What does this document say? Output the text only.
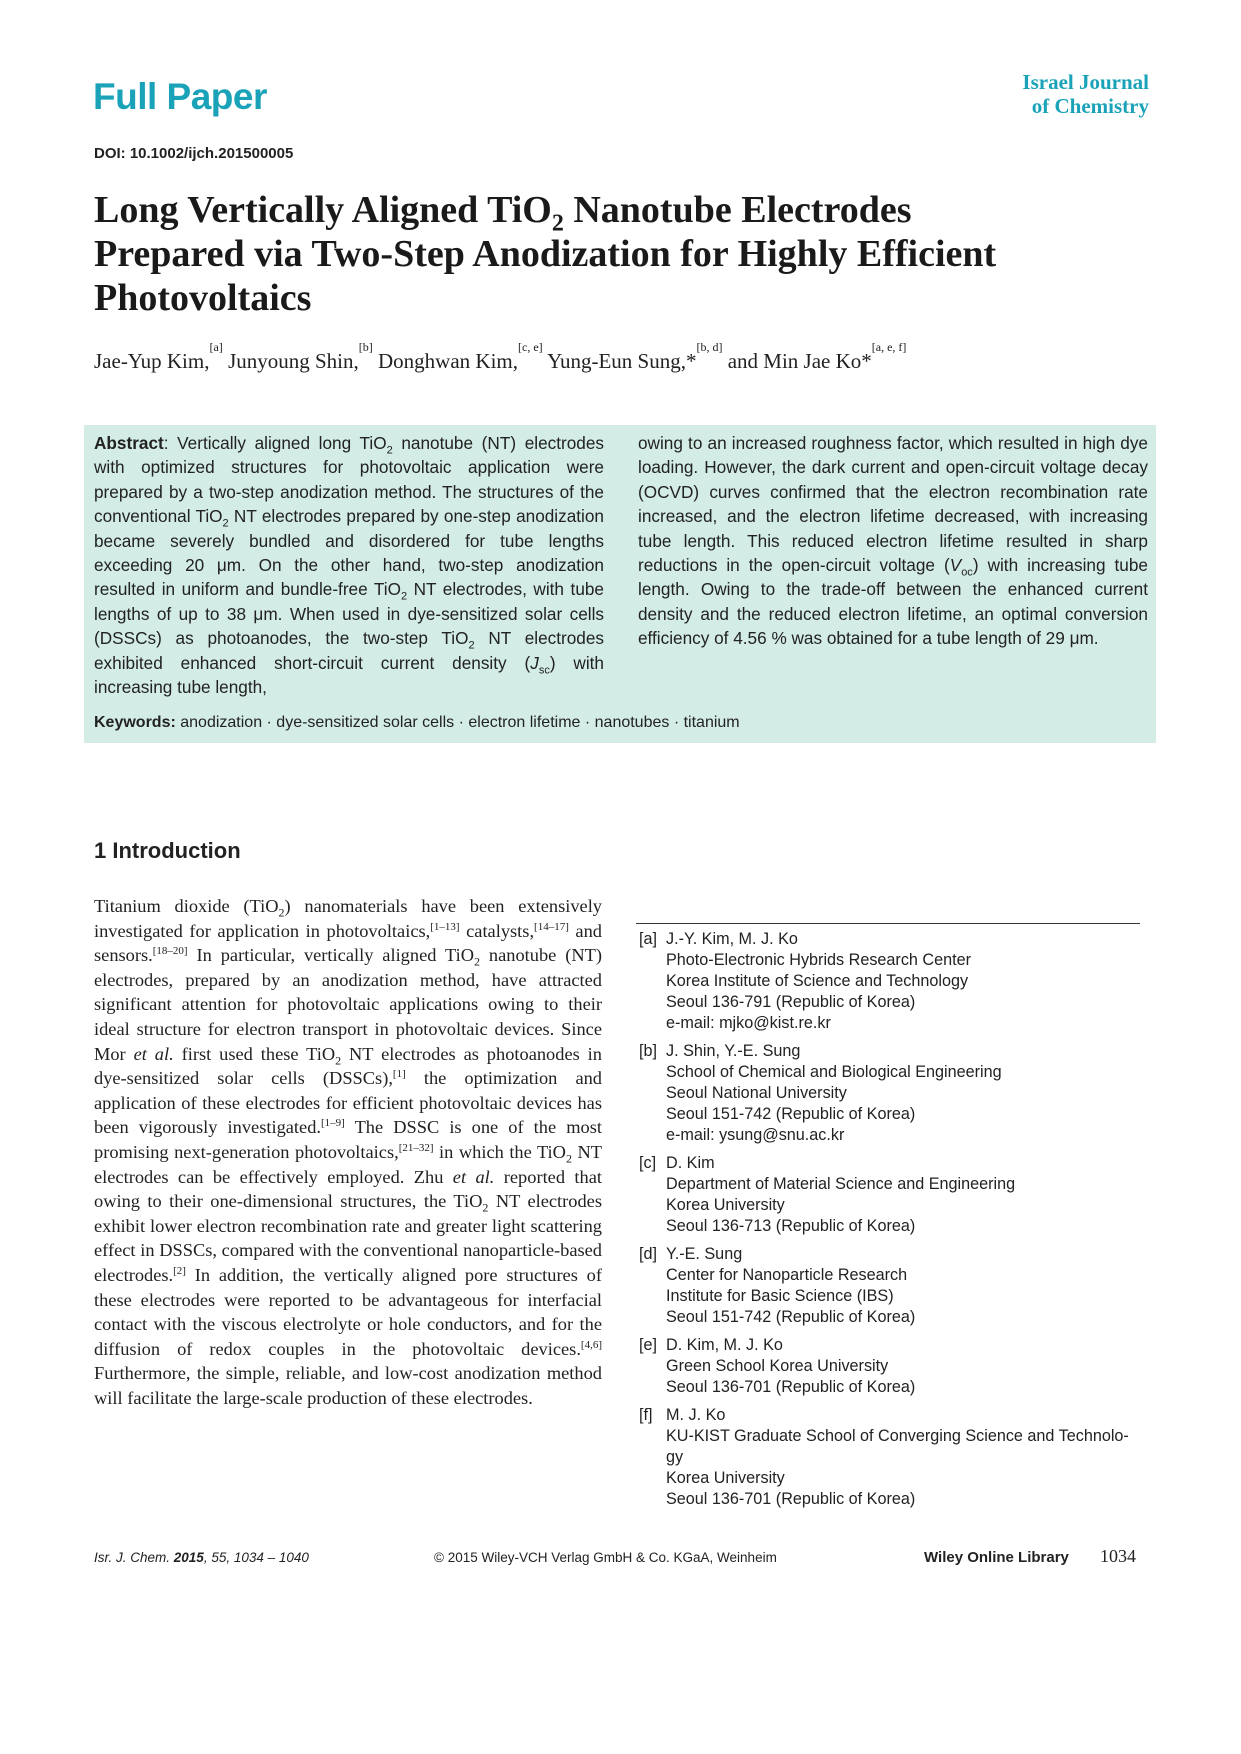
Full Paper	Israel Journal
of Chemistry
DOI: 10.1002/ijch.201500005
Long Vertically Aligned TiO$_2$ Nanotube Electrodes
Prepared via Two-Step Anodization for Highly Efficient
Photovoltaics
Jae-Yup Kim,[a] Junyoung Shin,[b] Donghwan Kim,[c, e] Yung-Eun Sung,*[b, d] and Min Jae Ko*[a, e, f]
Abstract: Vertically aligned long TiO$_2$ nanotube (NT) electrodes with optimized structures for photovoltaic application were prepared by a two-step anodization method. The structures of the conventional TiO$_2$ NT electrodes prepared by one-step anodization became severely bundled and disordered for tube lengths exceeding 20 μm. On the other hand, two-step anodization resulted in uniform and bundle-free TiO$_2$ NT electrodes, with tube lengths of up to 38 μm. When used in dye-sensitized solar cells (DSSCs) as photoanodes, the two-step TiO$_2$ NT electrodes exhibited enhanced short-circuit current density $(J_{sc})$ with increasing tube length,
owing to an increased roughness factor, which resulted in high dye loading. However, the dark current and open-circuit voltage decay (OCVD) curves confirmed that the electron recombination rate increased, and the electron lifetime decreased, with increasing tube length. This reduced electron lifetime resulted in sharp reductions in the open-circuit voltage $(V_{oc})$ with increasing tube length. Owing to the trade-off between the enhanced current density and the reduced electron lifetime, an optimal conversion efficiency of 4.56 % was obtained for a tube length of 29 μm.
Keywords: anodization · dye-sensitized solar cells · electron lifetime · nanotubes · titanium
1 Introduction
Titanium dioxide (TiO$_2$) nanomaterials have been extensively investigated for application in photovoltaics,[1–13] catalysts,[14–17] and sensors.[18–20] In particular, vertically aligned TiO$_2$ nanotube (NT) electrodes, prepared by an anodization method, have attracted significant attention for photovoltaic applications owing to their ideal structure for electron transport in photovoltaic devices. Since Mor et al. first used these TiO$_2$ NT electrodes as photoanodes in dye-sensitized solar cells (DSSCs),[1] the optimization and application of these electrodes for efficient photovoltaic devices has been vigorously investigated.[1–9] The DSSC is one of the most promising next-generation photovoltaics,[21–32] in which the TiO$_2$ NT electrodes can be effectively employed. Zhu et al. reported that owing to their one-dimensional structures, the TiO$_2$ NT electrodes exhibit lower electron recombination rate and greater light scattering effect in DSSCs, compared with the conventional nanoparticle-based electrodes.[2] In addition, the vertically aligned pore structures of these electrodes were reported to be advantageous for interfacial contact with the viscous electrolyte or hole conductors, and for the diffusion of redox couples in the photovoltaic devices.[4,6] Furthermore, the simple, reliable, and low-cost anodization method will facilitate the large-scale production of these electrodes.
[a] J.-Y. Kim, M. J. Ko
Photo-Electronic Hybrids Research Center
Korea Institute of Science and Technology
Seoul 136-791 (Republic of Korea)
e-mail: mjko@kist.re.kr
[b] J. Shin, Y.-E. Sung
School of Chemical and Biological Engineering
Seoul National University
Seoul 151-742 (Republic of Korea)
e-mail: ysung@snu.ac.kr
[c] D. Kim
Department of Material Science and Engineering
Korea University
Seoul 136-713 (Republic of Korea)
[d] Y.-E. Sung
Center for Nanoparticle Research
Institute for Basic Science (IBS)
Seoul 151-742 (Republic of Korea)
[e] D. Kim, M. J. Ko
Green School Korea University
Seoul 136-701 (Republic of Korea)
[f] M. J. Ko
KU-KIST Graduate School of Converging Science and Technolo-
gy
Korea University
Seoul 136-701 (Republic of Korea)
Isr. J. Chem. 2015, 55, 1034 – 1040	© 2015 Wiley-VCH Verlag GmbH & Co. KGaA, Weinheim	Wiley Online Library 1034
